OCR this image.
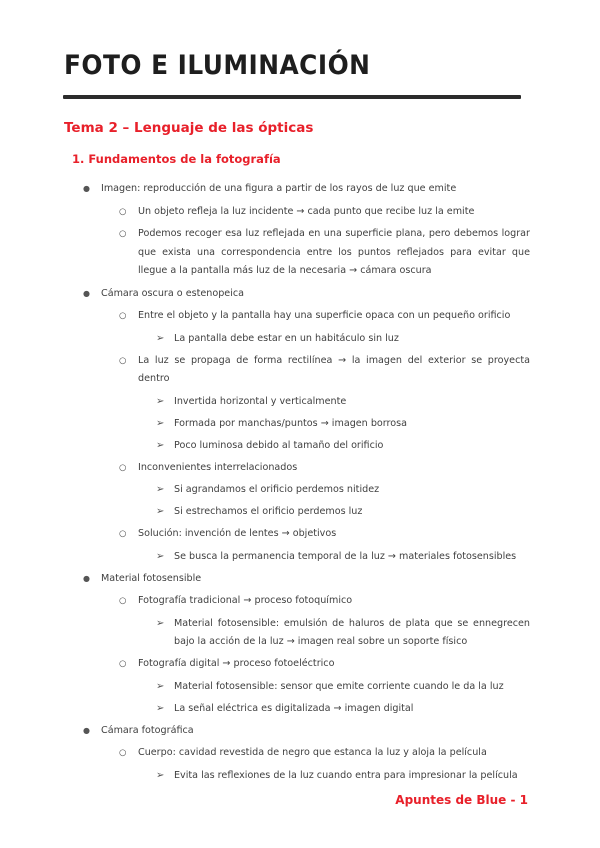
FOTO E ILUMINACIÓN
Tema 2 – Lenguaje de las ópticas
1. Fundamentos de la fotografía
● Imagen: reproducción de una figura a partir de los rayos de luz que emite
○ Un objeto refleja la luz incidente → cada punto que recibe luz la emite
○ Podemos recoger esa luz reflejada en una superficie plana, pero debemos lograr que exista una correspondencia entre los puntos reflejados para evitar que llegue a la pantalla más luz de la necesaria → cámara oscura
● Cámara oscura o estenopeica
○ Entre el objeto y la pantalla hay una superficie opaca con un pequeño orificio
➢ La pantalla debe estar en un habitáculo sin luz
○ La luz se propaga de forma rectilínea → la imagen del exterior se proyecta dentro
➢ Invertida horizontal y verticalmente
➢ Formada por manchas/puntos → imagen borrosa
➢ Poco luminosa debido al tamaño del orificio
○ Inconvenientes interrelacionados
➢ Si agrandamos el orificio perdemos nitidez
➢ Si estrechamos el orificio perdemos luz
○ Solución: invención de lentes → objetivos
➢ Se busca la permanencia temporal de la luz → materiales fotosensibles
● Material fotosensible
○ Fotografía tradicional → proceso fotoquímico
➢ Material fotosensible: emulsión de haluros de plata que se ennegrecen bajo la acción de la luz → imagen real sobre un soporte físico
○ Fotografía digital → proceso fotoeléctrico
➢ Material fotosensible: sensor que emite corriente cuando le da la luz
➢ La señal eléctrica es digitalizada → imagen digital
● Cámara fotográfica
○ Cuerpo: cavidad revestida de negro que estanca la luz y aloja la película
➢ Evita las reflexiones de la luz cuando entra para impresionar la película
Apuntes de Blue - 1
